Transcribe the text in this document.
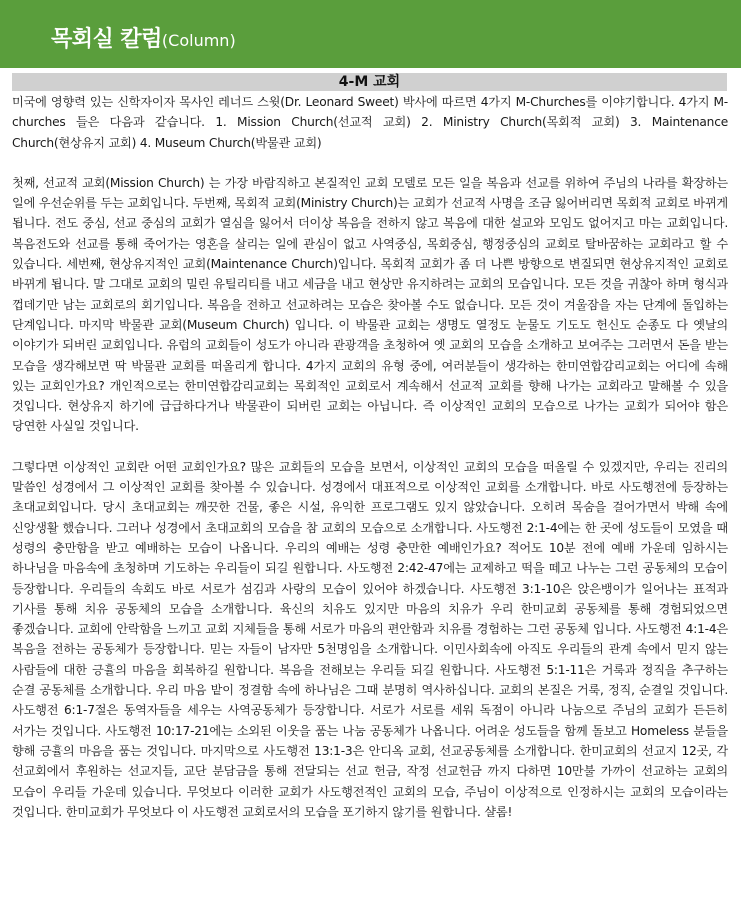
목회실 칼럼(Column)
4-M 교회

미국에 영향력 있는 신학자이자 목사인 레너드 스윗(Dr. Leonard Sweet) 박사에 따르면 4가지 M-Churches를 이야기합니다. 4가지 M-churches 들은 다음과 같습니다. 1. Mission Church(선교적 교회) 2. Ministry Church(목회적 교회) 3. Maintenance Church(현상유지 교회) 4. Museum Church(박물관 교회)

첫째, 선교적 교회(Mission Church) 는 가장 바람직하고 본질적인 교회 모델로 모든 일을 복음과 선교를 위하여 주님의 나라를 확장하는 일에 우선순위를 두는 교회입니다. 두번째, 목회적 교회(Ministry Church)는 교회가 선교적 사명을 조금 잃어버리면 목회적 교회로 바뀌게 됩니다. 전도 중심, 선교 중심의 교회가 열심을 잃어서 더이상 복음을 전하지 않고 복음에 대한 설교와 모임도 없어지고 마는 교회입니다. 복음전도와 선교를 통해 죽어가는 영혼을 살리는 일에 관심이 없고 사역중심, 목회중심, 행정중심의 교회로 탈바꿈하는 교회라고 할 수 있습니다. 세번째, 현상유지적인 교회(Maintenance Church)입니다. 목회적 교회가 좀 더 나쁜 방향으로 변질되면 현상유지적인 교회로 바뀌게 됩니다. 말 그대로 교회의 밀린 유틸리티를 내고 세금을 내고 현상만 유지하려는 교회의 모습입니다. 모든 것을 귀찮아 하며 형식과 껍데기만 남는 교회로의 회기입니다. 복음을 전하고 선교하려는 모습은 찾아볼 수도 없습니다. 모든 것이 겨울잠을 자는 단계에 돌입하는 단계입니다. 마지막 박물관 교회(Museum Church) 입니다. 이 박물관 교회는 생명도 열정도 눈물도 기도도 헌신도 순종도 다 옛날의 이야기가 되버린 교회입니다. 유럽의 교회들이 성도가 아니라 관광객을 초청하여 옛 교회의 모습을 소개하고 보여주는 그러면서 돈을 받는 모습을 생각해보면 딱 박물관 교회를 떠올리게 합니다. 4가지 교회의 유형 중에, 여러분들이 생각하는 한미연합감리교회는 어디에 속해 있는 교회인가요? 개인적으로는 한미연합감리교회는 목회적인 교회로서 계속해서 선교적 교회를 향해 나가는 교회라고 말해볼 수 있을 것입니다. 현상유지 하기에 급급하다거나 박물관이 되버린 교회는 아닙니다. 즉 이상적인 교회의 모습으로 나가는 교회가 되어야 함은 당연한 사실일 것입니다.

그렇다면 이상적인 교회란 어떤 교회인가요? 많은 교회들의 모습을 보면서, 이상적인 교회의 모습을 떠올릴 수 있겠지만, 우리는 진리의 말씀인 성경에서 그 이상적인 교회를 찾아볼 수 있습니다. 성경에서 대표적으로 이상적인 교회를 소개합니다. 바로 사도행전에 등장하는 초대교회입니다. 당시 초대교회는 깨끗한 건물, 좋은 시설, 유익한 프로그램도 있지 않았습니다. 오히려 목숨을 걸어가면서 박해 속에 신앙생활 했습니다. 그러나 성경에서 초대교회의 모습을 참 교회의 모습으로 소개합니다. 사도행전 2:1-4에는 한 곳에 성도들이 모였을 때 성령의 충만함을 받고 예배하는 모습이 나옵니다. 우리의 예배는 성령 충만한 예배인가요? 적어도 10분 전에 예배 가운데 임하시는 하나님을 마음속에 초청하며 기도하는 우리들이 되길 원합니다. 사도행전 2:42-47에는 교제하고 떡을 떼고 나누는 그런 공동체의 모습이 등장합니다. 우리들의 속회도 바로 서로가 섬김과 사랑의 모습이 있어야 하겠습니다. 사도행전 3:1-10은 앉은뱅이가 일어나는 표적과 기사를 통해 치유 공동체의 모습을 소개합니다. 육신의 치유도 있지만 마음의 치유가 우리 한미교회 공동체를 통해 경험되었으면 좋겠습니다. 교회에 안락함을 느끼고 교회 지체들을 통해 서로가 마음의 편안함과 치유를 경험하는 그런 공동체 입니다. 사도행전 4:1-4은 복음을 전하는 공동체가 등장합니다. 믿는 자들이 남자만 5천명임을 소개합니다. 이민사회속에 아직도 우리들의 관계 속에서 믿지 않는 사람들에 대한 긍휼의 마음을 회복하길 원합니다. 복음을 전해보는 우리들 되길 원합니다. 사도행전 5:1-11은 거룩과 정직을 추구하는 순결 공동체를 소개합니다. 우리 마음 밭이 정결함 속에 하나님은 그때 분명히 역사하십니다. 교회의 본질은 거룩, 정직, 순결일 것입니다. 사도행전 6:1-7절은 동역자들을 세우는 사역공동체가 등장합니다. 서로가 서로를 세워 독점이 아니라 나눔으로 주님의 교회가 든든히 서가는 것입니다. 사도행전 10:17-21에는 소외된 이웃을 품는 나눔 공동체가 나옵니다. 어려운 성도들을 함께 돌보고 Homeless 분들을 향해 긍휼의 마음을 품는 것입니다. 마지막으로 사도행전 13:1-3은 안디옥 교회, 선교공동체를 소개합니다. 한미교회의 선교지 12곳, 각 선교회에서 후원하는 선교지들, 교단 분담금을 통해 전달되는 선교 헌금, 작정 선교헌금 까지 다하면 10만불 가까이 선교하는 교회의 모습이 우리들 가운데 있습니다. 무엇보다 이러한 교회가 사도행전적인 교회의 모습, 주님이 이상적으로 인정하시는 교회의 모습이라는 것입니다. 한미교회가 무엇보다 이 사도행전 교회로서의 모습을 포기하지 않기를 원합니다. 샬롬!
